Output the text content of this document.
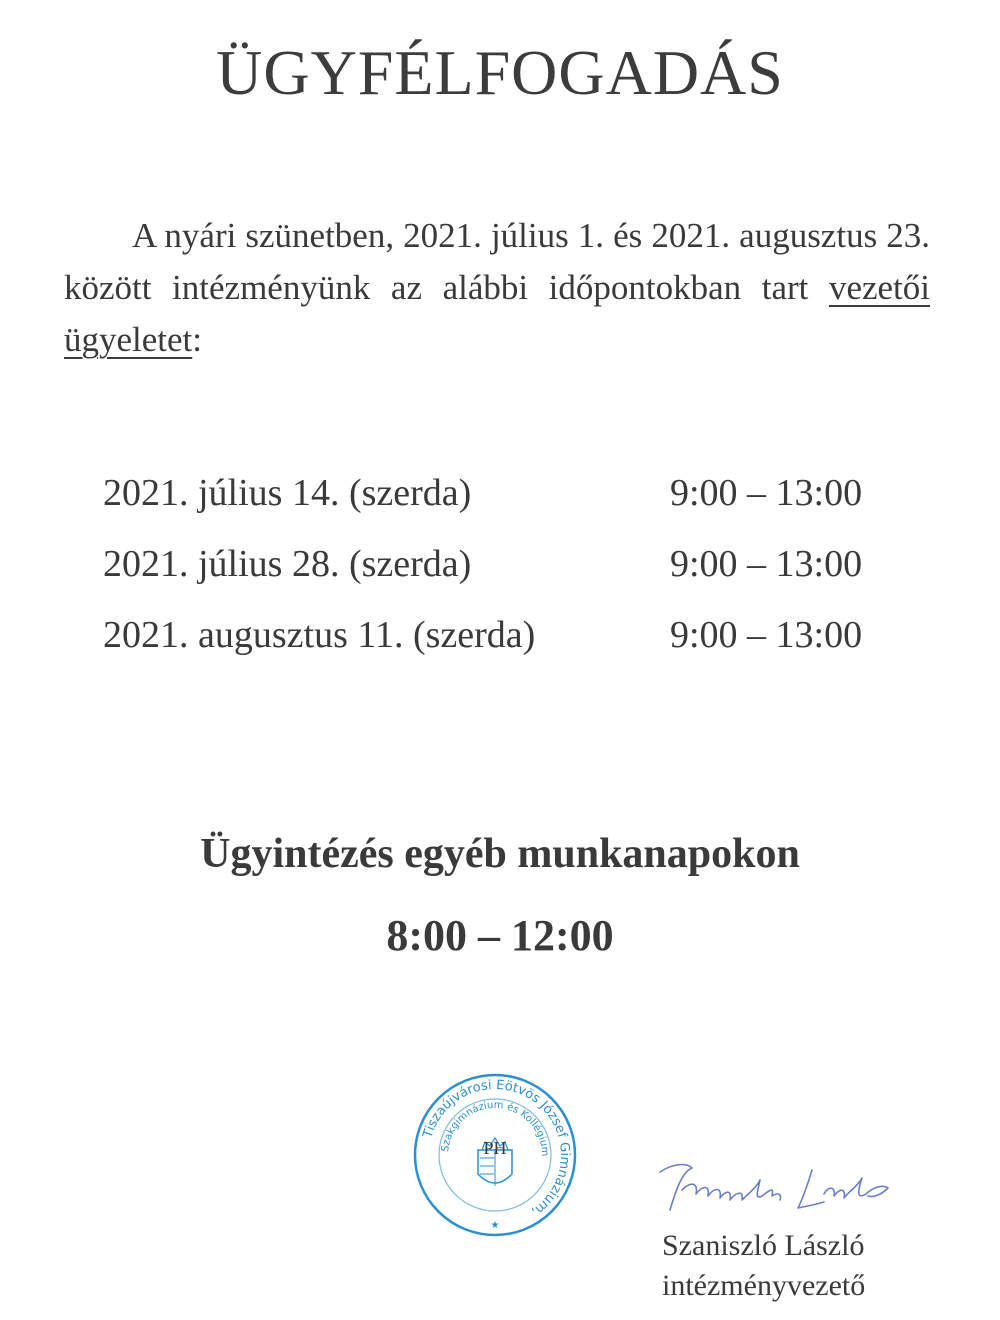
ÜGYFÉLFOGADÁS

A nyári szünetben, 2021. július 1. és 2021. augusztus 23. között intézményünk az alábbi időpontokban tart vezetői ügyeletet:

2021. július 14. (szerda)	9:00 – 13:00
2021. július 28. (szerda)	9:00 – 13:00
2021. augusztus 11. (szerda)	9:00 – 13:00

Ügyintézés egyéb munkanapokon

8:00 – 12:00

Tiszaújvárosi Eötvös József Gimnázium,
Szakgimnázium és Kollégium
PH
★
Szaniszló László
intézményvezető
